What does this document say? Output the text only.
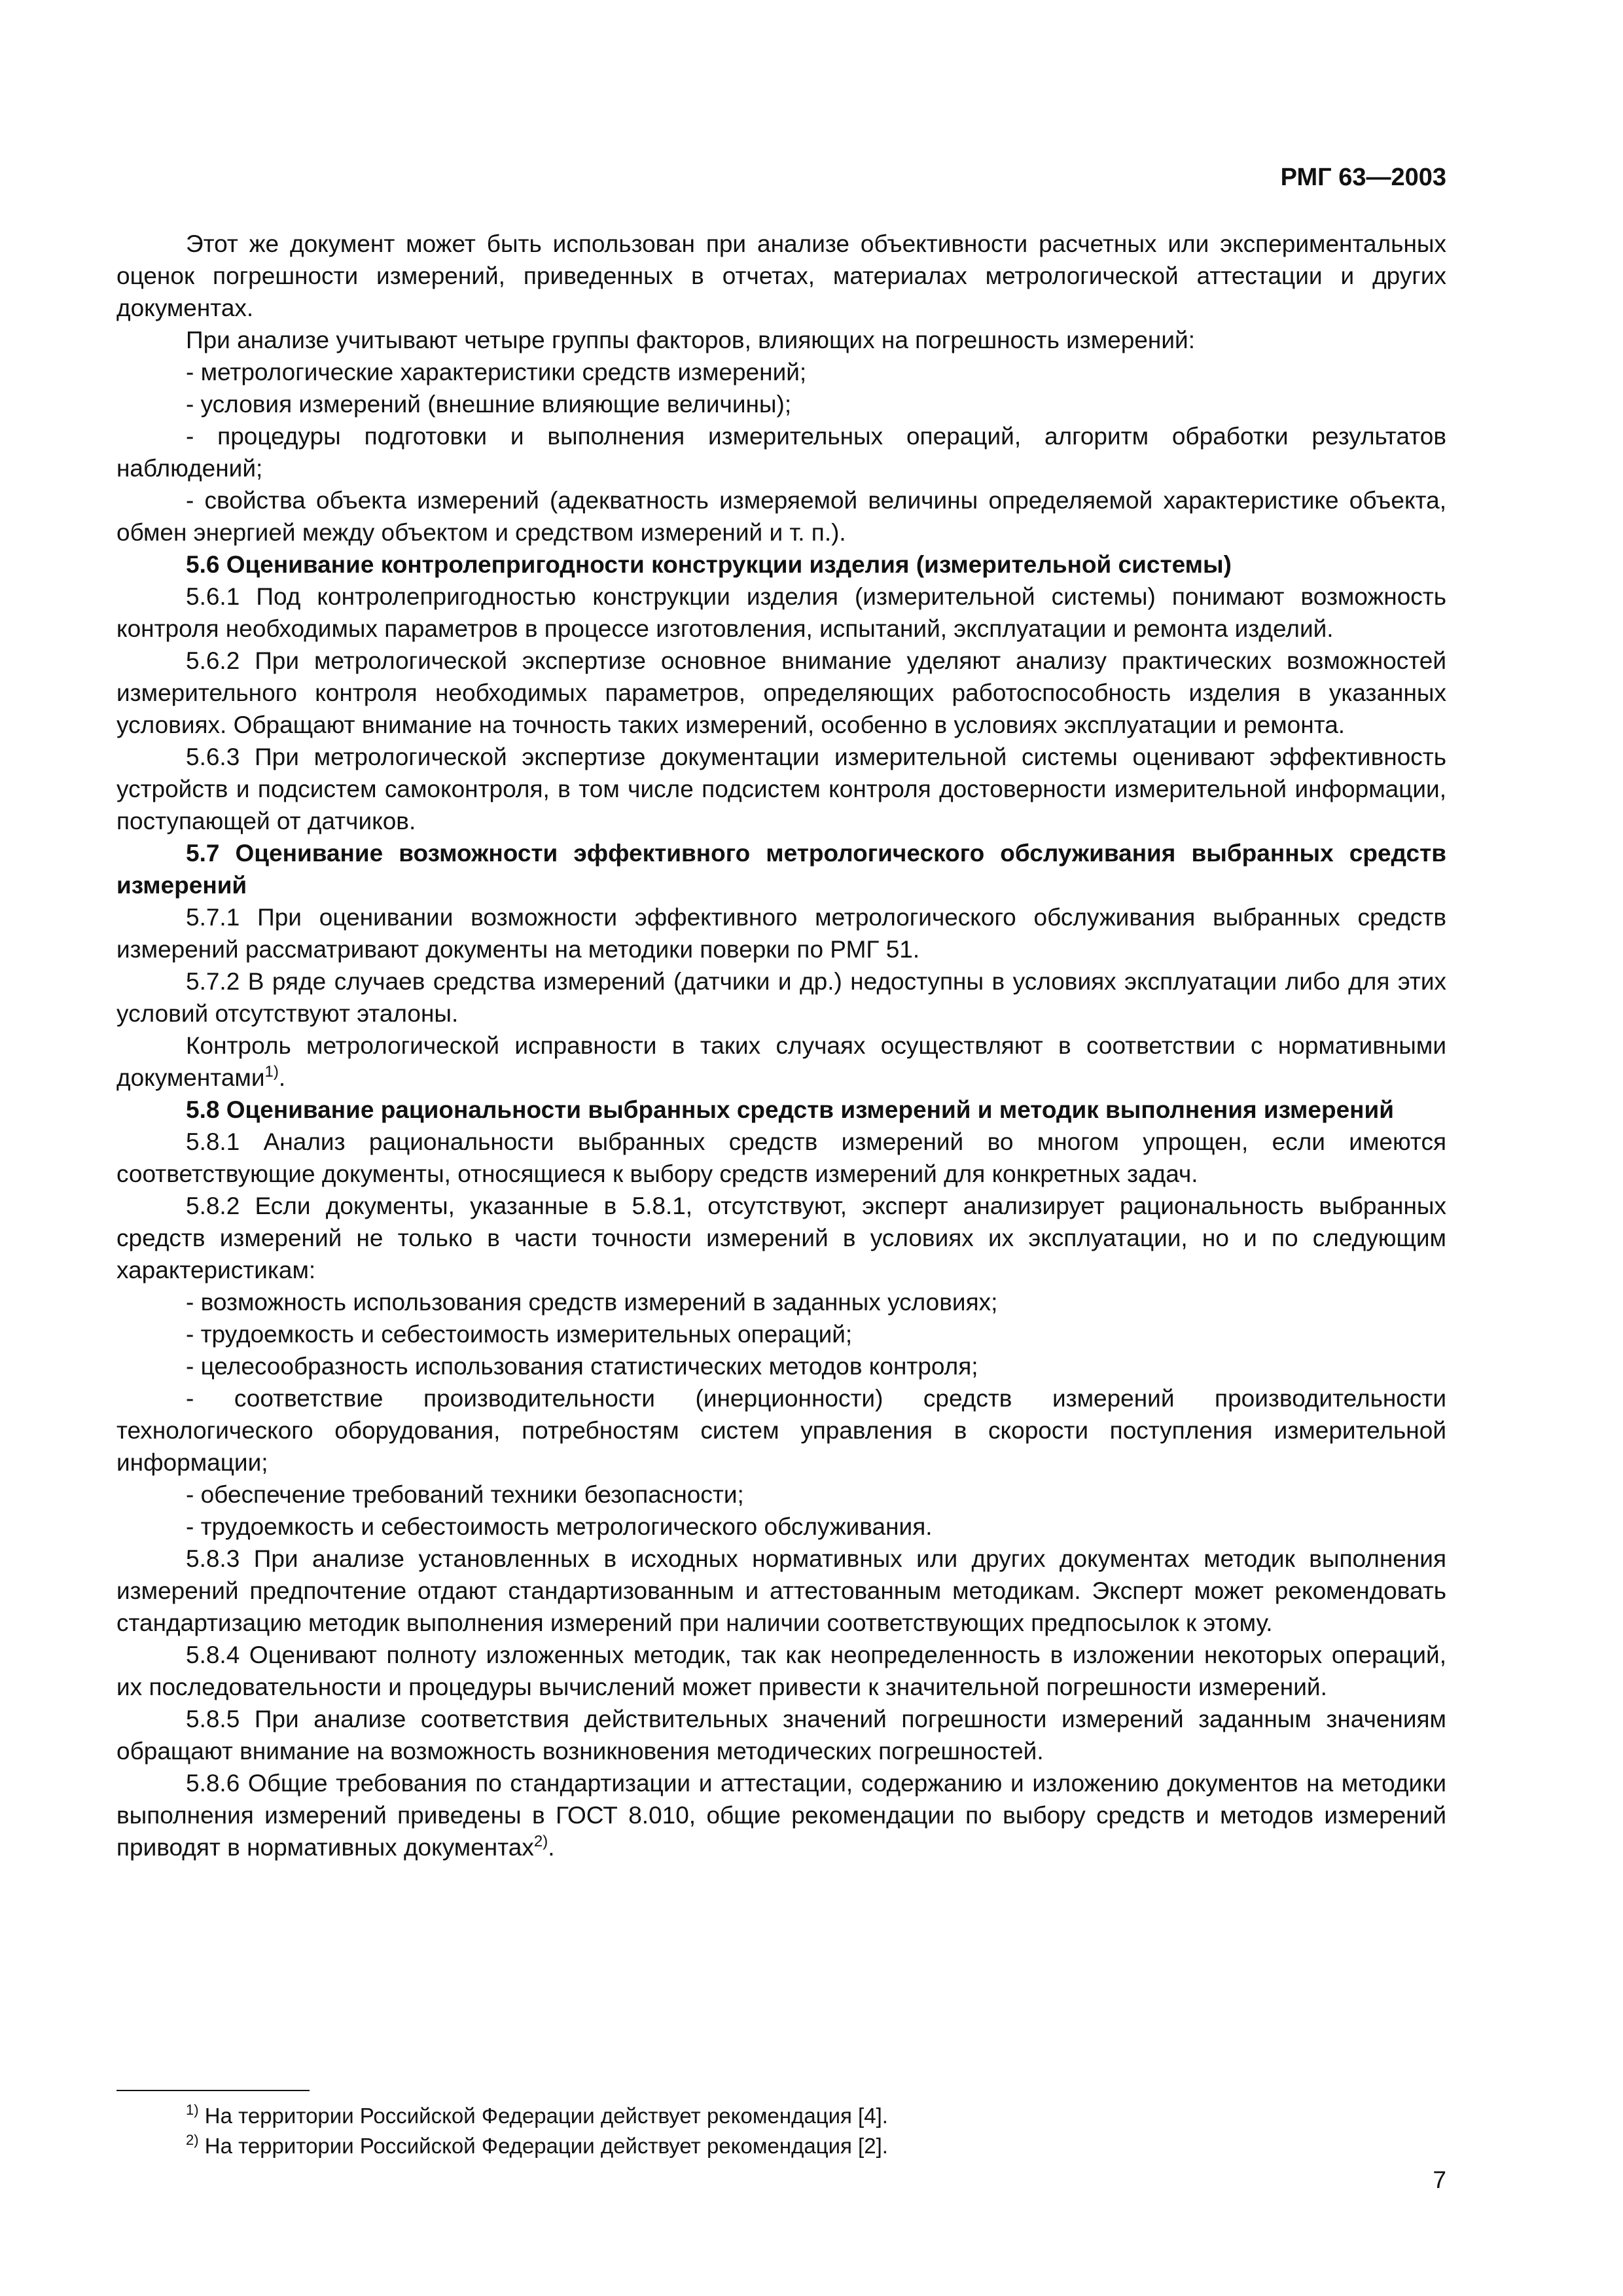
РМГ 63—2003

Этот же документ может быть использован при анализе объективности расчетных или экспериментальных оценок погрешности измерений, приведенных в отчетах, материалах метрологической аттестации и других документах.

При анализе учитывают четыре группы факторов, влияющих на погрешность измерений:

- метрологические характеристики средств измерений;

- условия измерений (внешние влияющие величины);

- процедуры подготовки и выполнения измерительных операций, алгоритм обработки результатов наблюдений;

- свойства объекта измерений (адекватность измеряемой величины определяемой характеристике объекта, обмен энергией между объектом и средством измерений и т. п.).

5.6 Оценивание контролепригодности конструкции изделия (измерительной системы)

5.6.1 Под контролепригодностью конструкции изделия (измерительной системы) понимают возможность контроля необходимых параметров в процессе изготовления, испытаний, эксплуатации и ремонта изделий.

5.6.2 При метрологической экспертизе основное внимание уделяют анализу практических возможностей измерительного контроля необходимых параметров, определяющих работоспособность изделия в указанных условиях. Обращают внимание на точность таких измерений, особенно в условиях эксплуатации и ремонта.

5.6.3 При метрологической экспертизе документации измерительной системы оценивают эффективность устройств и подсистем самоконтроля, в том числе подсистем контроля достоверности измерительной информации, поступающей от датчиков.

5.7 Оценивание возможности эффективного метрологического обслуживания выбранных средств измерений

5.7.1 При оценивании возможности эффективного метрологического обслуживания выбранных средств измерений рассматривают документы на методики поверки по РМГ 51.

5.7.2 В ряде случаев средства измерений (датчики и др.) недоступны в условиях эксплуатации либо для этих условий отсутствуют эталоны.

Контроль метрологической исправности в таких случаях осуществляют в соответствии с нормативными документами$^{1)}$.

5.8 Оценивание рациональности выбранных средств измерений и методик выполнения измерений

5.8.1 Анализ рациональности выбранных средств измерений во многом упрощен, если имеются соответствующие документы, относящиеся к выбору средств измерений для конкретных задач.

5.8.2 Если документы, указанные в 5.8.1, отсутствуют, эксперт анализирует рациональность выбранных средств измерений не только в части точности измерений в условиях их эксплуатации, но и по следующим характеристикам:

- возможность использования средств измерений в заданных условиях;

- трудоемкость и себестоимость измерительных операций;

- целесообразность использования статистических методов контроля;

- соответствие производительности (инерционности) средств измерений производительности технологического оборудования, потребностям систем управления в скорости поступления измерительной информации;

- обеспечение требований техники безопасности;

- трудоемкость и себестоимость метрологического обслуживания.

5.8.3 При анализе установленных в исходных нормативных или других документах методик выполнения измерений предпочтение отдают стандартизованным и аттестованным методикам. Эксперт может рекомендовать стандартизацию методик выполнения измерений при наличии соответствующих предпосылок к этому.

5.8.4 Оценивают полноту изложенных методик, так как неопределенность в изложении некоторых операций, их последовательности и процедуры вычислений может привести к значительной погрешности измерений.

5.8.5 При анализе соответствия действительных значений погрешности измерений заданным значениям обращают внимание на возможность возникновения методических погрешностей.

5.8.6 Общие требования по стандартизации и аттестации, содержанию и изложению документов на методики выполнения измерений приведены в ГОСТ 8.010, общие рекомендации по выбору средств и методов измерений приводят в нормативных документах$^{2)}$.

$^{1)}$ На территории Российской Федерации действует рекомендация [4].

$^{2)}$ На территории Российской Федерации действует рекомендация [2].

7
